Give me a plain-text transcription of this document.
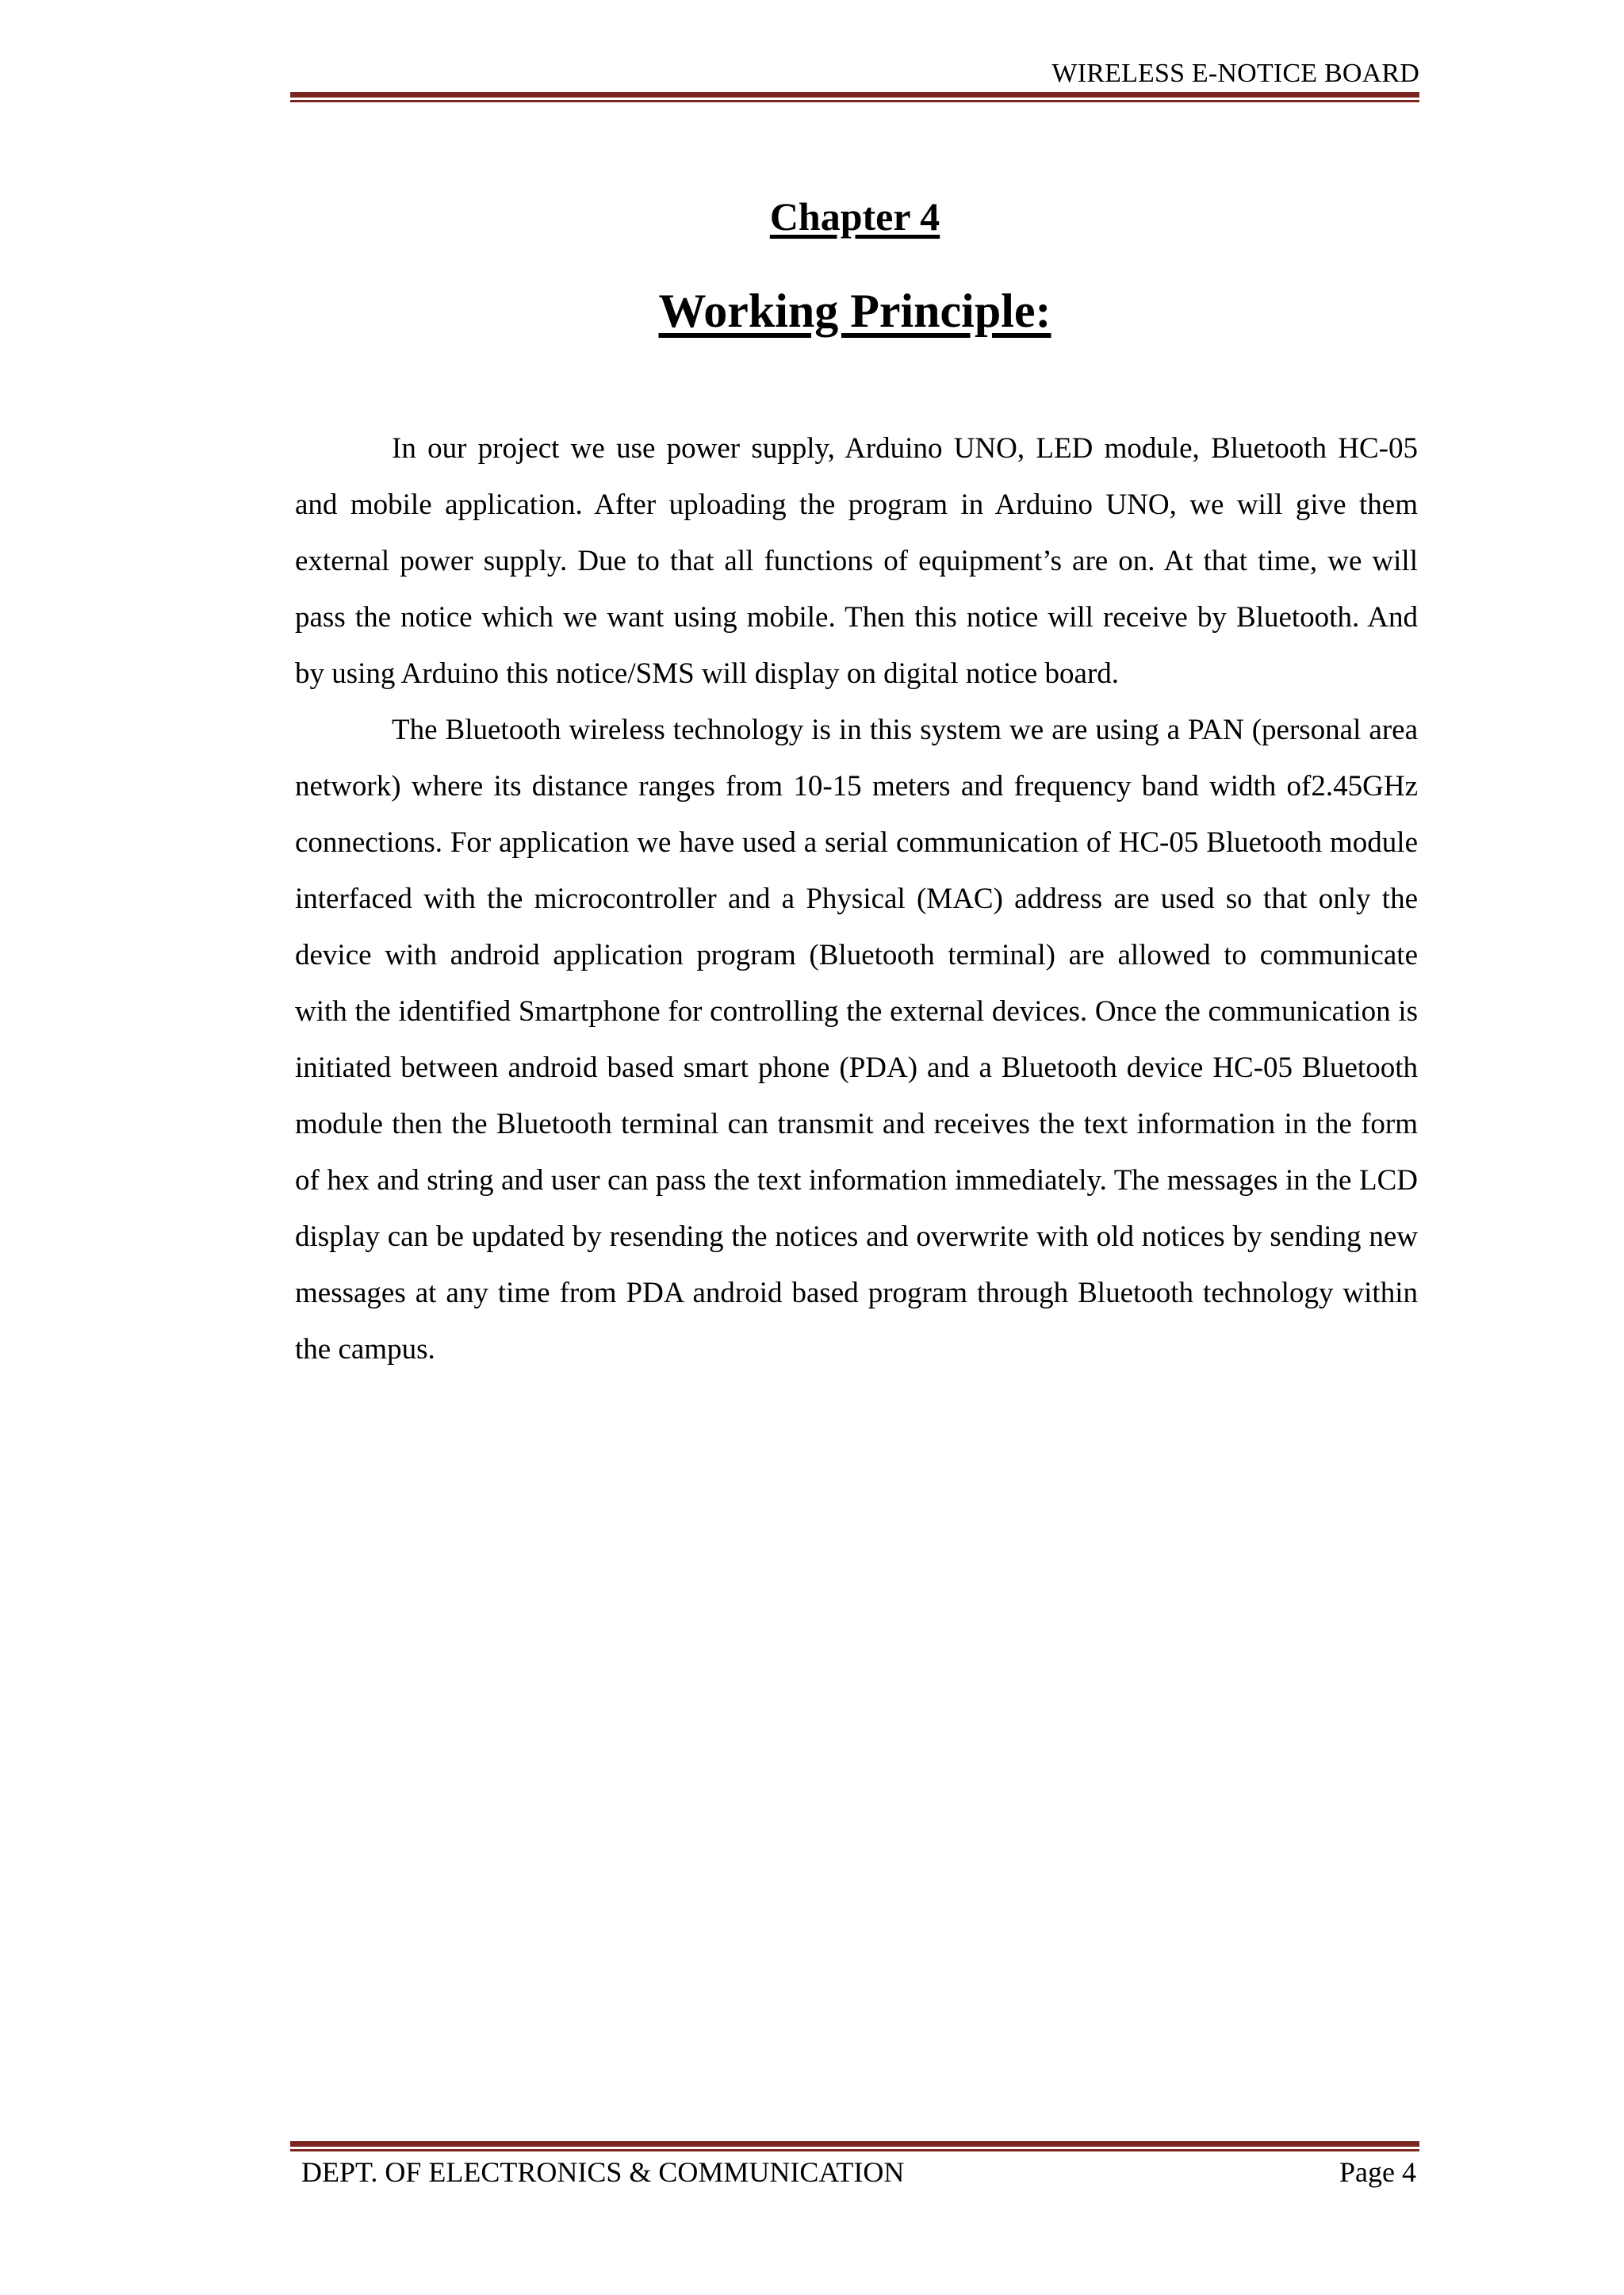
WIRELESS E-NOTICE BOARD
Chapter 4
Working Principle:

In our project we use power supply, Arduino UNO, LED module, Bluetooth HC-05 and mobile application. After uploading the program in Arduino UNO, we will give them external power supply. Due to that all functions of equipment’s are on. At that time, we will pass the notice which we want using mobile. Then this notice will receive by Bluetooth. And by using Arduino this notice/SMS will display on digital notice board.

The Bluetooth wireless technology is in this system we are using a PAN (personal area network) where its distance ranges from 10-15 meters and frequency band width of2.45GHz connections. For application we have used a serial communication of HC-05 Bluetooth module interfaced with the microcontroller and a Physical (MAC) address are used so that only the device with android application program (Bluetooth terminal) are allowed to communicate with the identified Smartphone for controlling the external devices. Once the communication is initiated between android based smart phone (PDA) and a Bluetooth device HC-05 Bluetooth module then the Bluetooth terminal can transmit and receives the text information in the form of hex and string and user can pass the text information immediately. The messages in the LCD display can be updated by resending the notices and overwrite with old notices by sending new messages at any time from PDA android based program through Bluetooth technology within the campus.

DEPT. OF ELECTRONICS & COMMUNICATION	Page 4
